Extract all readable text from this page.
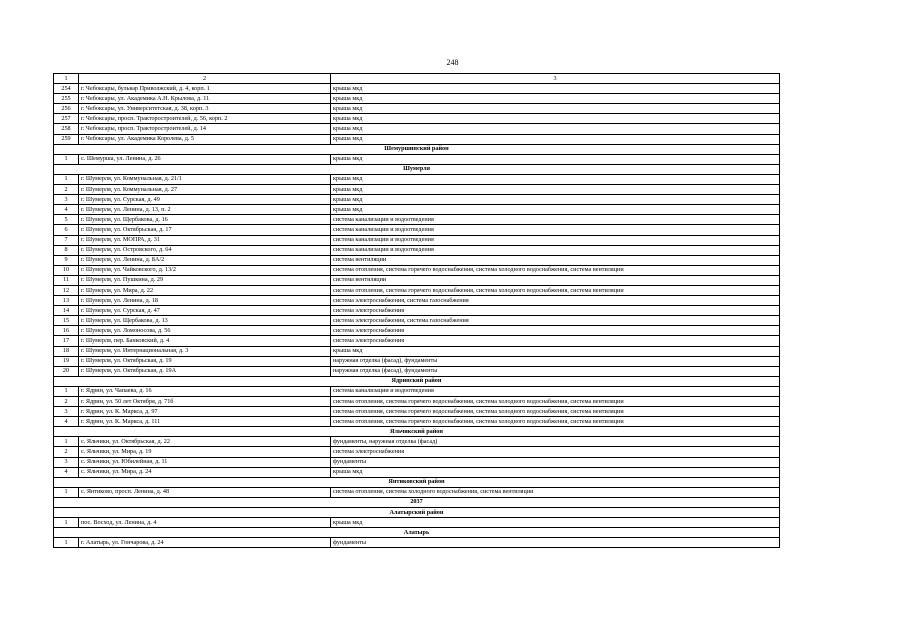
248
1	2	3
254	г. Чебоксары, бульвар Приволжский, д. 4, корп. 1	крыша мкд
255	г. Чебоксары, ул. Академика А.Н. Крылова, д. 11	крыша мкд
256	г. Чебоксары, ул. Университетская, д. 38, корп. 3	крыша мкд
257	г. Чебоксары, просп. Тракторостроителей, д. 56, корп. 2	крыша мкд
258	г. Чебоксары, просп. Тракторостроителей, д. 14	крыша мкд
259	г. Чебоксары, ул. Академика Королева, д. 5	крыша мкд
Шемуршинский район		
1	с. Шемурша, ул. Ленина, д. 26	крыша мкд
Шумерля		
1	г. Шумерля, ул. Коммунальная, д. 21/1	крыша мкд
2	г. Шумерля, ул. Коммунальная, д. 27	крыша мкд
3	г. Шумерля, ул. Сурская, д. 49	крыша мкд
4	г. Шумерля, ул. Ленина, д. 13, п. 2	крыша мкд
5	г. Шумерля, ул. Щербакова, д. 16	система канализации и водоотведения
6	г. Шумерля, ул. Октябрьская, д. 17	система канализации и водоотведения
7	г. Шумерля, ул. МОПРА, д. 31	система канализации и водоотведения
8	г. Шумерля, ул. Островского, д. 64	система канализации и водоотведения
9	г. Шумерля, ул. Ленина, д. 8А/2	система вентиляции
10	г. Шумерля, ул. Чайковского, д. 13/2	система отопления, система горячего водоснабжения, система холодного водоснабжения, система вентиляции
11	г. Шумерля, ул. Пушкина, д. 29	система вентиляции
12	г. Шумерля, ул. Мира, д. 22	система отопления, система горячего водоснабжения, система холодного водоснабжения, система вентиляции
13	г. Шумерля, ул. Ленина, д. 18	система электроснабжения, система газоснабжения
14	г. Шумерля, ул. Сурская, д. 47	система электроснабжения
15	г. Шумерля, ул. Щербакова, д. 13	система электроснабжения, система газоснабжения
16	г. Шумерля, ул. Ломоносова, д. 56	система электроснабжения
17	г. Шумерля, пер. Банковский, д. 4	система электроснабжения
18	г. Шумерля, ул. Интернациональная, д. 3	крыша мкд
19	г. Шумерля, ул. Октябрьская, д. 19	наружная отделка (фасад), фундаменты
20	г. Шумерля, ул. Октябрьская, д. 19А	наружная отделка (фасад), фундаменты
Ядринский район		
1	г. Ядрин, ул. Чапаева, д. 16	система канализации и водоотведения
2	г. Ядрин, ул. 50 лет Октября, д. 71б	система отопления, система горячего водоснабжения, система холодного водоснабжения, система вентиляции
3	г. Ядрин, ул. К. Маркса, д. 97	система отопления, система горячего водоснабжения, система холодного водоснабжения, система вентиляции
4	г. Ядрин, ул. К. Маркса, д. 111	система отопления, система горячего водоснабжения, система холодного водоснабжения, система вентиляции
Яльчикский район		
1	с. Яльчики, ул. Октябрьская, д. 22	фундаменты, наружная отделка (фасад)
2	с. Яльчики, ул. Мира, д. 19	система электроснабжения
3	с. Яльчики, ул. Юбилейная, д. 11	фундаменты
4	с. Яльчики, ул. Мира, д. 24	крыша мкд
Янтиковский район		
1	с. Янтиково, просп. Ленина, д. 48	система отопления, система холодного водоснабжения, система вентиляции
2037		
Алатырский район		
1	пос. Восход, ул. Ленина, д. 4	крыша мкд
Алатырь		
1	г. Алатырь, ул. Гончарова, д. 24	фундаменты
